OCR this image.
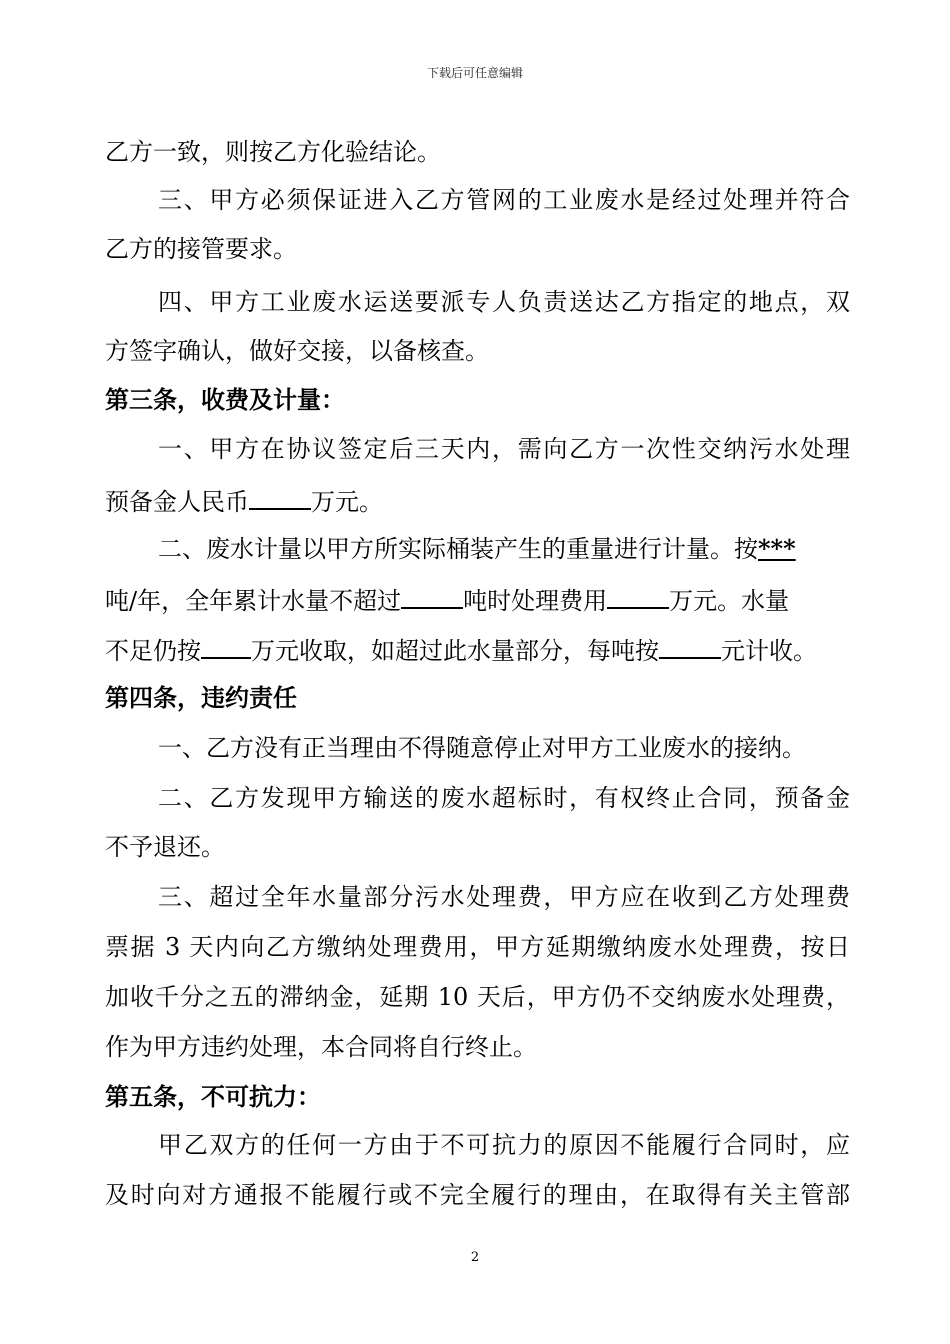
下载后可任意编辑
乙方一致，则按乙方化验结论。
三、甲方必须保证进入乙方管网的工业废水是经过处理并符合
乙方的接管要求。
四、甲方工业废水运送要派专人负责送达乙方指定的地点，双
方签字确认，做好交接，以备核查。
第三条，收费及计量：
一、甲方在协议签定后三天内，需向乙方一次性交纳污水处理
预备金人民币	万元。
二、废水计量以甲方所实际桶装产生的重量进行计量。按***
吨/年，全年累计水量不超过	吨时处理费用	万元。水量
不足仍按 万元收取，如超过此水量部分，每吨按	元计收。
第四条，违约责任
一、乙方没有正当理由不得随意停止对甲方工业废水的接纳。
二、乙方发现甲方输送的废水超标时，有权终止合同，预备金
不予退还。
三、超过全年水量部分污水处理费，甲方应在收到乙方处理费
票据 3 天内向乙方缴纳处理费用，甲方延期缴纳废水处理费，按日
加收千分之五的滞纳金，延期 10 天后，甲方仍不交纳废水处理费，
作为甲方违约处理，本合同将自行终止。
第五条，不可抗力：
甲乙双方的任何一方由于不可抗力的原因不能履行合同时，应
及时向对方通报不能履行或不完全履行的理由，在取得有关主管部
2
